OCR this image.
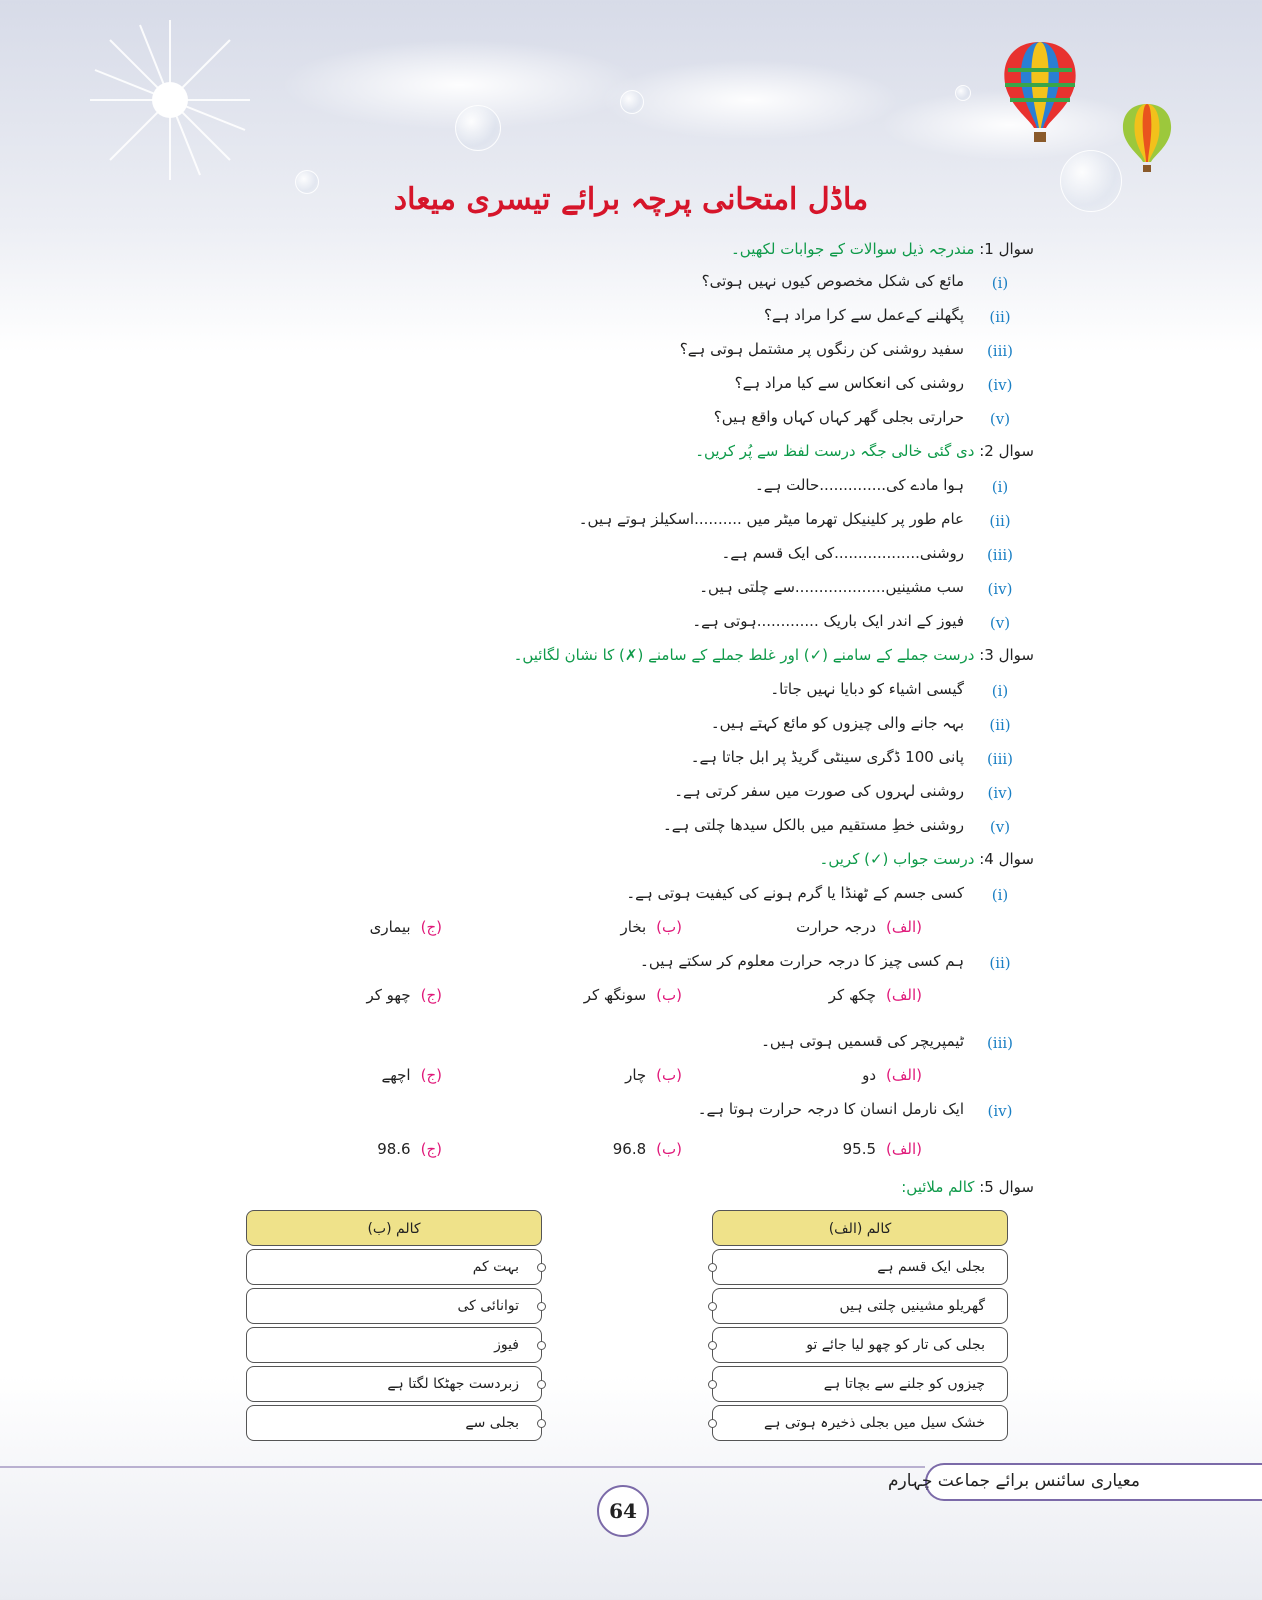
ماڈل امتحانی پرچہ برائے تیسری میعاد
سوال 1: مندرجہ ذیل سوالات کے جوابات لکھیں۔
(i)
مائع کی شکل مخصوص کیوں نہیں ہوتی؟
(ii)
پگھلنے کےعمل سے کرا مراد ہے؟
(iii)
سفید روشنی کن رنگوں پر مشتمل ہوتی ہے؟
(iv)
روشنی کی انعکاس سے کیا مراد ہے؟
(v)
حرارتی بجلی گھر کہاں کہاں واقع ہیں؟
سوال 2: دی گئی خالی جگہ درست لفظ سے پُر کریں۔
(i)
ہوا مادے کی..............حالت ہے۔
(ii)
عام طور پر کلینیکل تھرما میٹر میں ..........اسکیلز ہوتے ہیں۔
(iii)
روشنی..................کی ایک قسم ہے۔
(iv)
سب مشینیں...................سے چلتی ہیں۔
(v)
فیوز کے اندر ایک باریک .............ہوتی ہے۔
سوال 3: درست جملے کے سامنے (✓) اور غلط جملے کے سامنے (✗) کا نشان لگائیں۔
(i)
گیسی اشیاء کو دبایا نہیں جاتا۔
(ii)
بہہ جانے والی چیزوں کو مائع کہتے ہیں۔
(iii)
پانی 100 ڈگری سینٹی گریڈ پر ابل جاتا ہے۔
(iv)
روشنی لہروں کی صورت میں سفر کرتی ہے۔
(v)
روشنی خطِ مستقیم میں بالکل سیدھا چلتی ہے۔
سوال 4: درست جواب (✓) کریں۔
(i)
کسی جسم کے ٹھنڈا یا گرم ہونے کی کیفیت ہوتی ہے۔
(الف)درجہ حرارت
(ب)بخار
(ج)بیماری
(ii)
ہم کسی چیز کا درجہ حرارت معلوم کر سکتے ہیں۔
(الف)چکھ کر
(ب)سونگھ کر
(ج)چھو کر
(iii)
ٹیمپریچر کی قسمیں ہوتی ہیں۔
(الف)دو
(ب)چار
(ج)اچھے
(iv)
ایک نارمل انسان کا درجہ حرارت ہوتا ہے۔
(الف)95.5
(ب)96.8
(ج)98.6
سوال 5: کالم ملائیں:
کالم (الف)
بجلی ایک قسم ہے
گھریلو مشینیں چلتی ہیں
بجلی کی تار کو چھو لیا جائے تو
چیزوں کو جلنے سے بچاتا ہے
خشک سیل میں بجلی ذخیرہ ہوتی ہے
کالم (ب)
بہت کم
توانائی کی
فیوز
زبردست جھٹکا لگتا ہے
بجلی سے
معیاری سائنس برائے جماعت چہارم
64
